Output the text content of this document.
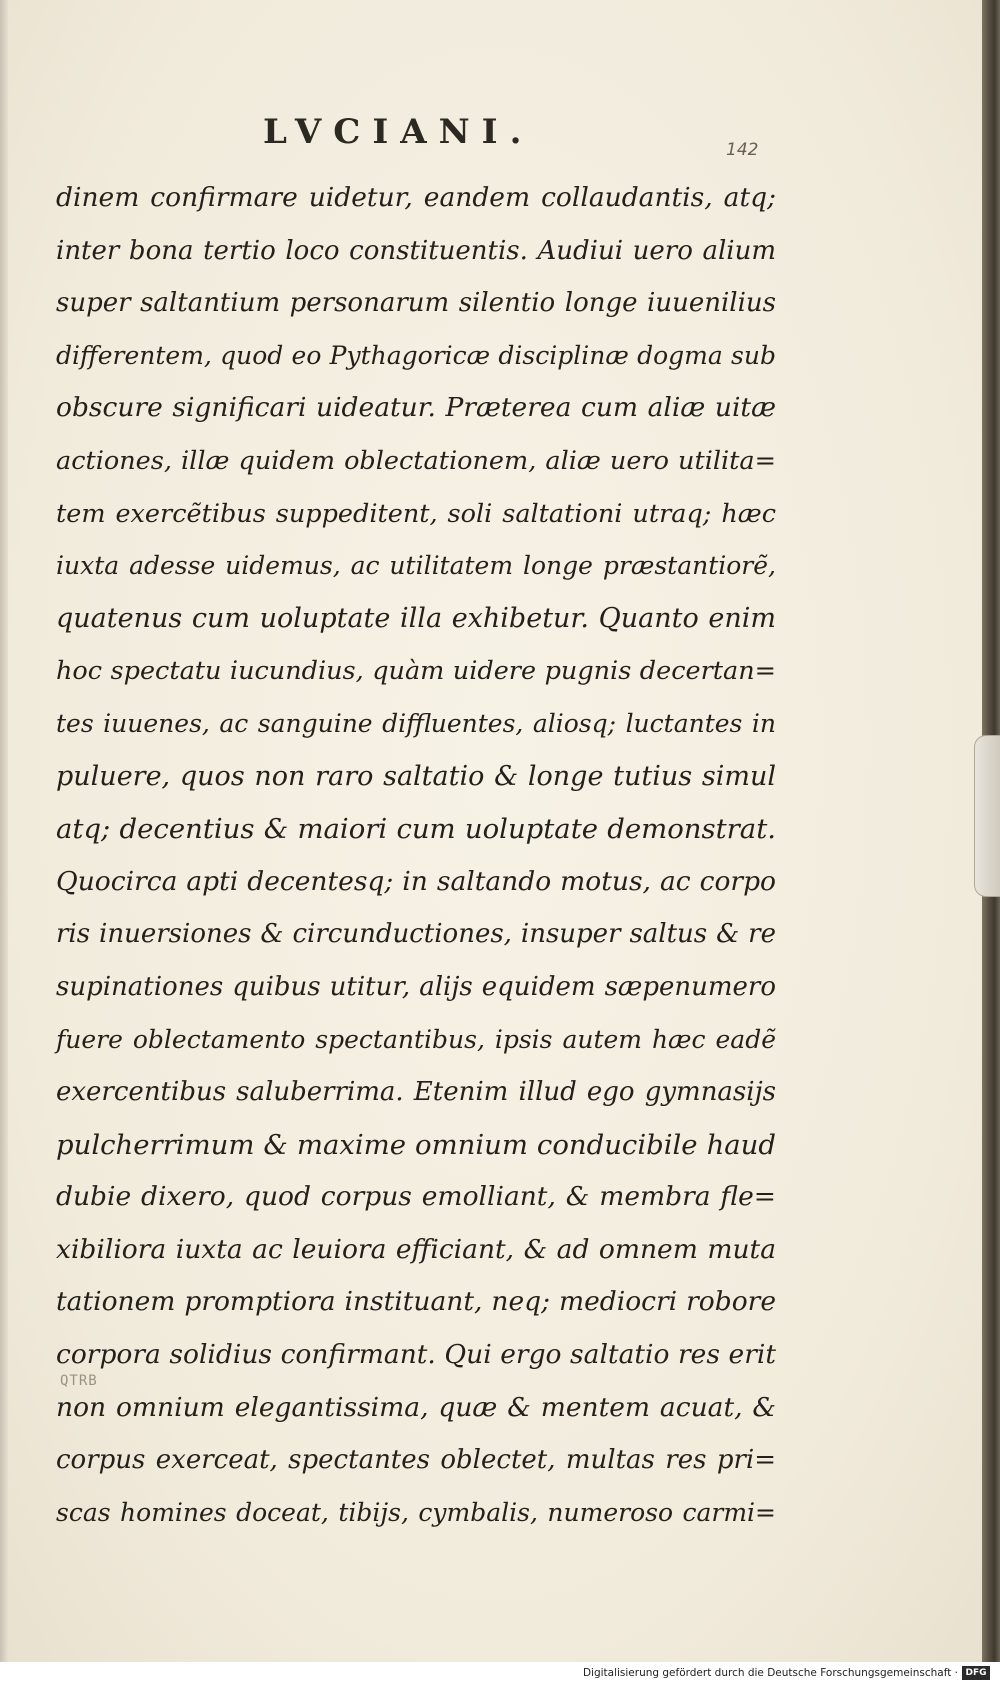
LVCIANI.	142
dinem confirmare uidetur, eandem collaudantis, atq;
inter bona tertio loco constituentis. Audiui uero alium
super saltantium personarum silentio longe iuuenilius
differentem, quod eo Pythagoricæ disciplinæ dogma sub
obscure significari uideatur. Præterea cum aliæ uitæ
actiones, illæ quidem oblectationem, aliæ uero utilita=
tem exercẽtibus suppeditent, soli saltationi utraq; hæc
iuxta adesse uidemus, ac utilitatem longe præstantiorẽ,
quatenus cum uoluptate illa exhibetur. Quanto enim
hoc spectatu iucundius, quàm uidere pugnis decertan=
tes iuuenes, ac sanguine diffluentes, aliosq; luctantes in
puluere, quos non raro saltatio & longe tutius simul
atq; decentius & maiori cum uoluptate demonstrat.
Quocirca apti decentesq; in saltando motus, ac corpo
ris inuersiones & circunductiones, insuper saltus & re
supinationes quibus utitur, alijs equidem sæpenumero
fuere oblectamento spectantibus, ipsis autem hæc eadẽ
exercentibus saluberrima. Etenim illud ego gymnasijs
pulcherrimum & maxime omnium conducibile haud
dubie dixero, quod corpus emolliant, & membra fle=
xibiliora iuxta ac leuiora efficiant, & ad omnem muta
tationem promptiora instituant, neq; mediocri robore
corpora solidius confirmant. Qui ergo saltatio res erit
non omnium elegantissima, quæ & mentem acuat, &
corpus exerceat, spectantes oblectet, multas res pri=
scas homines doceat, tibijs, cymbalis, numeroso carmi=
QTRB
Digitalisierung gefördert durch die Deutsche Forschungsgemeinschaft · DFG
